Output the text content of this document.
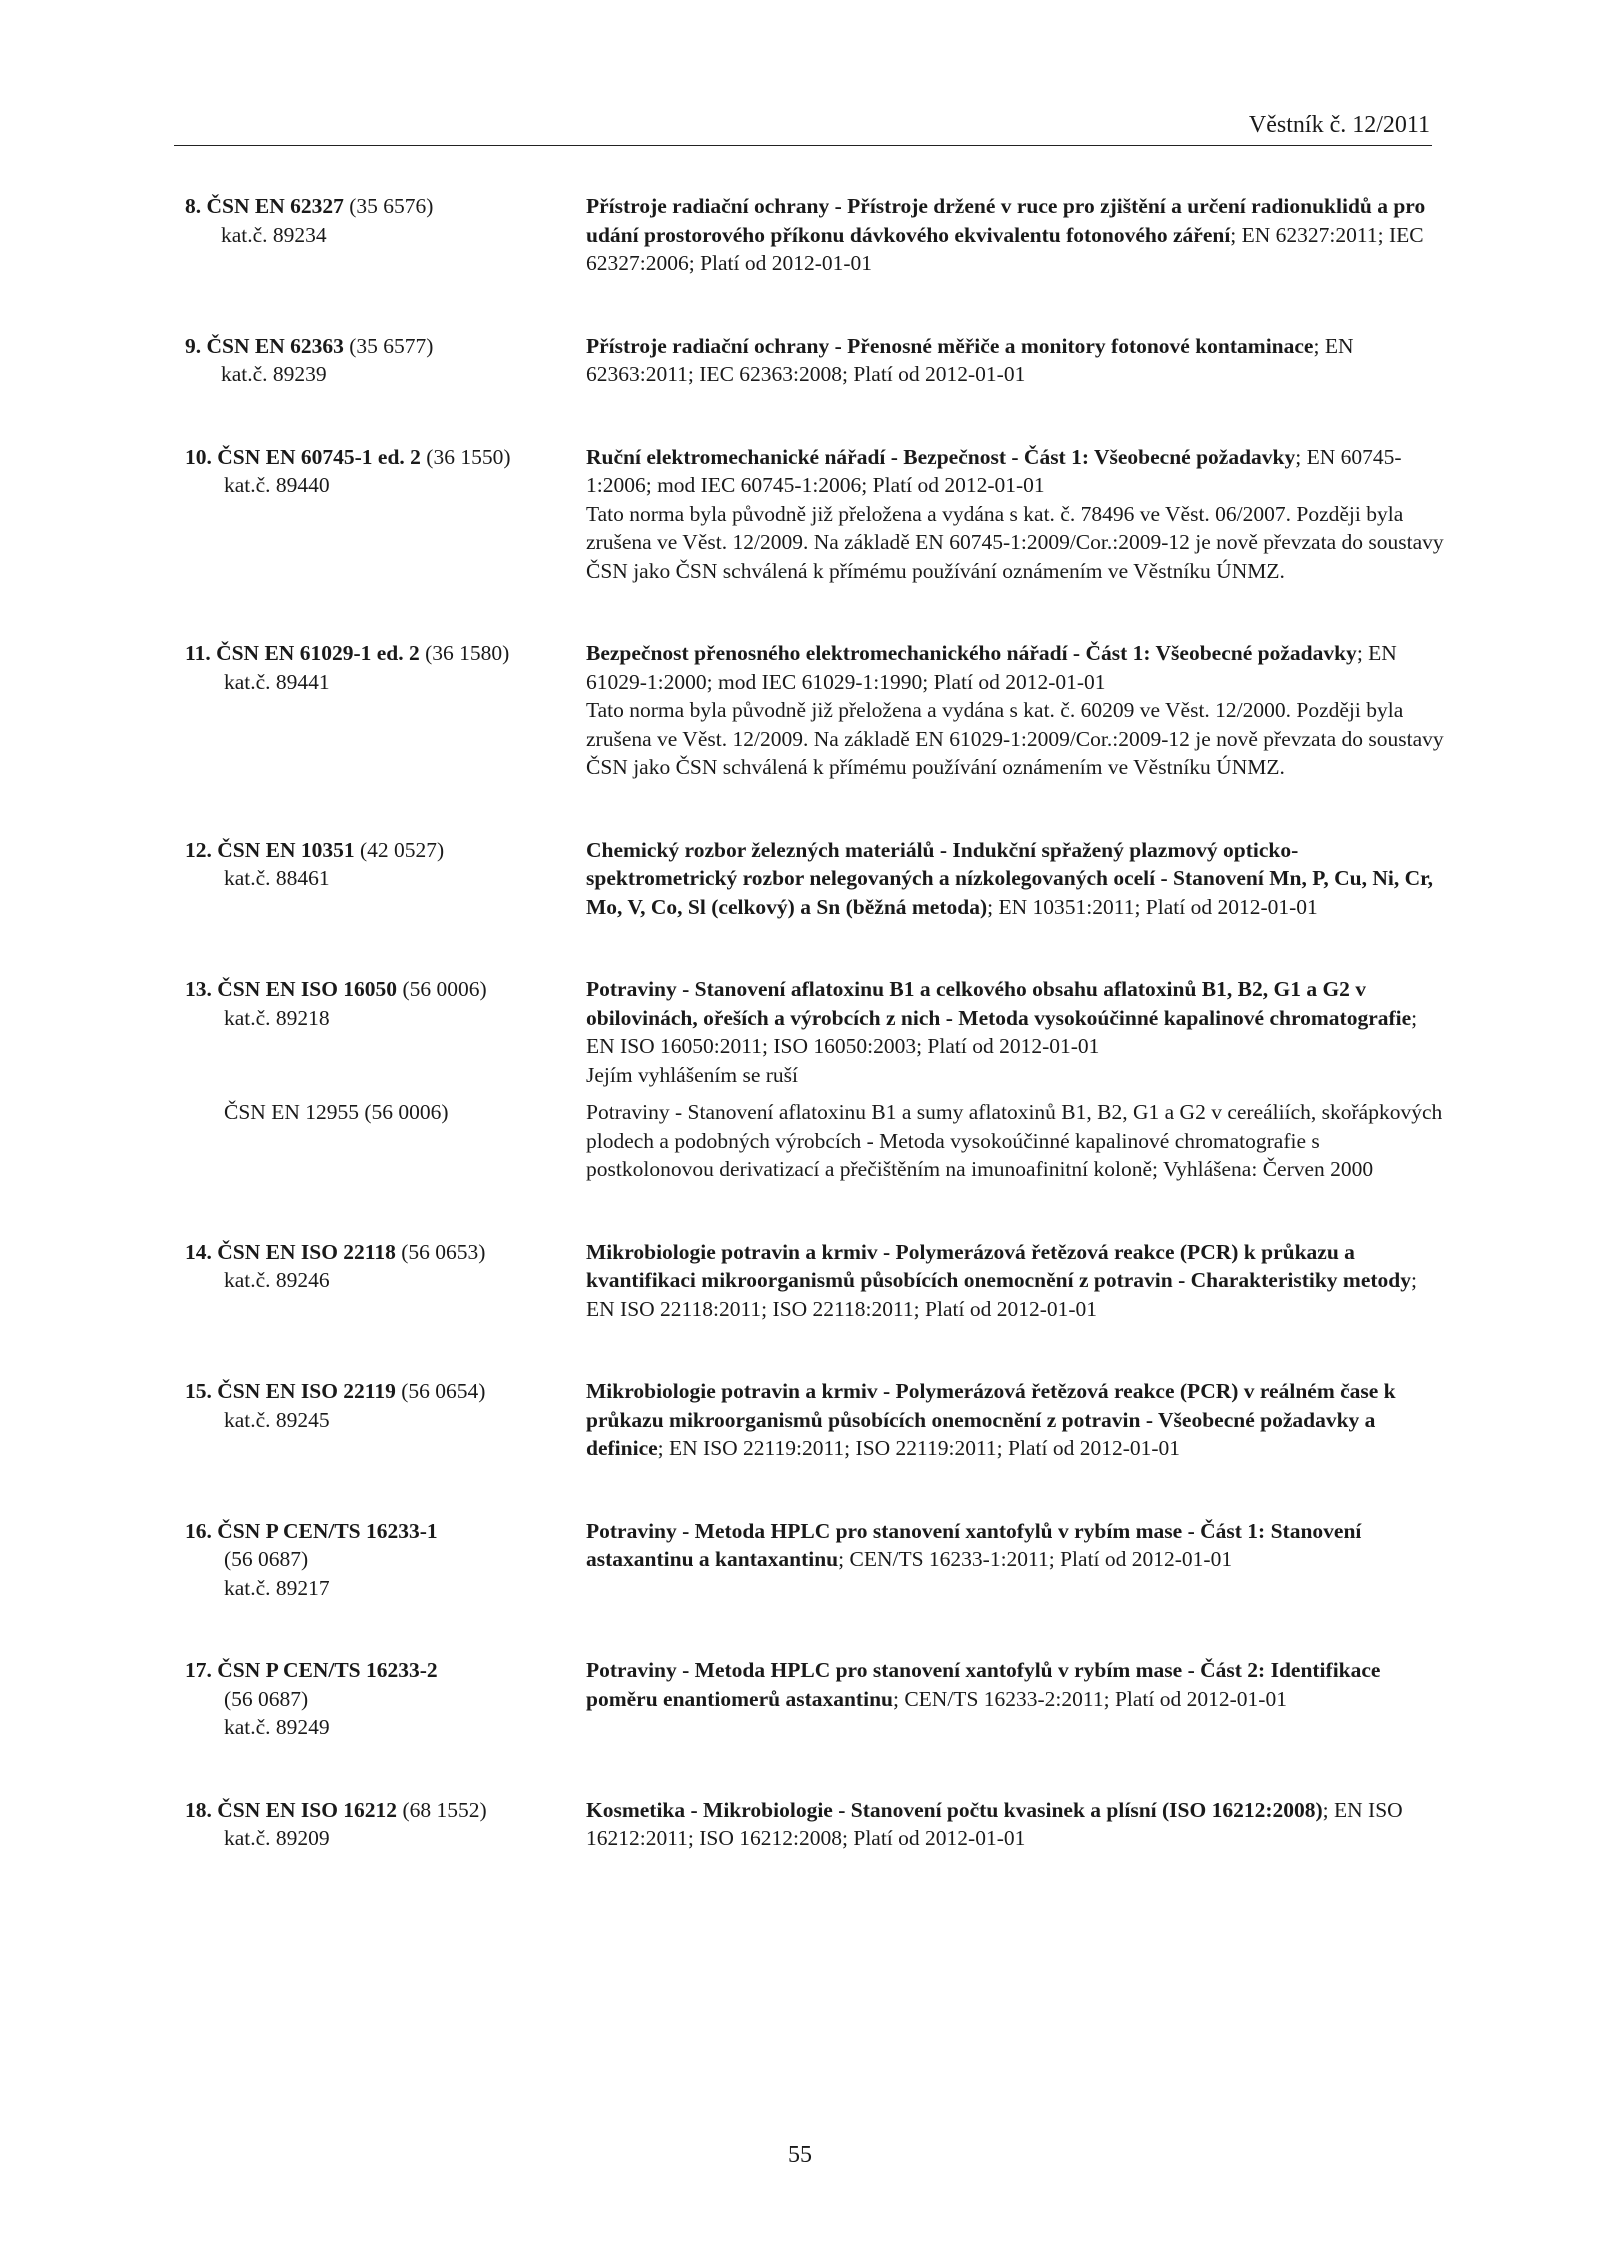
Věstník č. 12/2011
8. ČSN EN 62327 (35 6576)
kat.č. 89234
Přístroje radiační ochrany - Přístroje držené v ruce pro zjištění a určení radionuklidů a pro udání prostorového příkonu dávkového ekvivalentu fotonového záření; EN 62327:2011; IEC 62327:2006; Platí od 2012-01-01
9. ČSN EN 62363 (35 6577)
kat.č. 89239
Přístroje radiační ochrany - Přenosné měřiče a monitory fotonové kontaminace; EN 62363:2011; IEC 62363:2008; Platí od 2012-01-01
10. ČSN EN 60745-1 ed. 2 (36 1550)
kat.č. 89440
Ruční elektromechanické nářadí - Bezpečnost - Část 1: Všeobecné požadavky; EN 60745-1:2006; mod IEC 60745-1:2006; Platí od 2012-01-01
Tato norma byla původně již přeložena a vydána s kat. č. 78496 ve Věst. 06/2007. Později byla zrušena ve Věst. 12/2009. Na základě EN 60745-1:2009/Cor.:2009-12 je nově převzata do soustavy ČSN jako ČSN schválená k přímému používání oznámením ve Věstníku ÚNMZ.
11. ČSN EN 61029-1 ed. 2 (36 1580)
kat.č. 89441
Bezpečnost přenosného elektromechanického nářadí - Část 1: Všeobecné požadavky; EN 61029-1:2000; mod IEC 61029-1:1990; Platí od 2012-01-01
Tato norma byla původně již přeložena a vydána s kat. č. 60209 ve Věst. 12/2000. Později byla zrušena ve Věst. 12/2009. Na základě EN 61029-1:2009/Cor.:2009-12 je nově převzata do soustavy ČSN jako ČSN schválená k přímému používání oznámením ve Věstníku ÚNMZ.
12. ČSN EN 10351 (42 0527)
kat.č. 88461
Chemický rozbor železných materiálů - Indukční spřažený plazmový opticko-spektrometrický rozbor nelegovaných a nízkolegovaných ocelí - Stanovení Mn, P, Cu, Ni, Cr, Mo, V, Co, Sl (celkový) a Sn (běžná metoda); EN 10351:2011; Platí od 2012-01-01
13. ČSN EN ISO 16050 (56 0006)
kat.č. 89218
Potraviny - Stanovení aflatoxinu B1 a celkového obsahu aflatoxinů B1, B2, G1 a G2 v obilovinách, ořeších a výrobcích z nich - Metoda vysokoúčinné kapalinové chromatografie; EN ISO 16050:2011; ISO 16050:2003; Platí od 2012-01-01
Jejím vyhlášením se ruší
ČSN EN 12955 (56 0006)	Potraviny - Stanovení aflatoxinu B1 a sumy aflatoxinů B1, B2, G1 a G2 v cereáliích, skořápkových plodech a podobných výrobcích - Metoda vysokoúčinné kapalinové chromatografie s postkolonovou derivatizací a přečištěním na imunoafinitní koloně; Vyhlášena: Červen 2000
14. ČSN EN ISO 22118 (56 0653)
kat.č. 89246
Mikrobiologie potravin a krmiv - Polymerázová řetězová reakce (PCR) k průkazu a kvantifikaci mikroorganismů působících onemocnění z potravin - Charakteristiky metody; EN ISO 22118:2011; ISO 22118:2011; Platí od 2012-01-01
15. ČSN EN ISO 22119 (56 0654)
kat.č. 89245
Mikrobiologie potravin a krmiv - Polymerázová řetězová reakce (PCR) v reálném čase k průkazu mikroorganismů působících onemocnění z potravin - Všeobecné požadavky a definice; EN ISO 22119:2011; ISO 22119:2011; Platí od 2012-01-01
16. ČSN P CEN/TS 16233-1
(56 0687)
kat.č. 89217
Potraviny - Metoda HPLC pro stanovení xantofylů v rybím mase - Část 1: Stanovení astaxantinu a kantaxantinu; CEN/TS 16233-1:2011; Platí od 2012-01-01
17. ČSN P CEN/TS 16233-2
(56 0687)
kat.č. 89249
Potraviny - Metoda HPLC pro stanovení xantofylů v rybím mase - Část 2: Identifikace poměru enantiomerů astaxantinu; CEN/TS 16233-2:2011; Platí od 2012-01-01
18. ČSN EN ISO 16212 (68 1552)
kat.č. 89209
Kosmetika - Mikrobiologie - Stanovení počtu kvasinek a plísní (ISO 16212:2008); EN ISO 16212:2011; ISO 16212:2008; Platí od 2012-01-01
55
